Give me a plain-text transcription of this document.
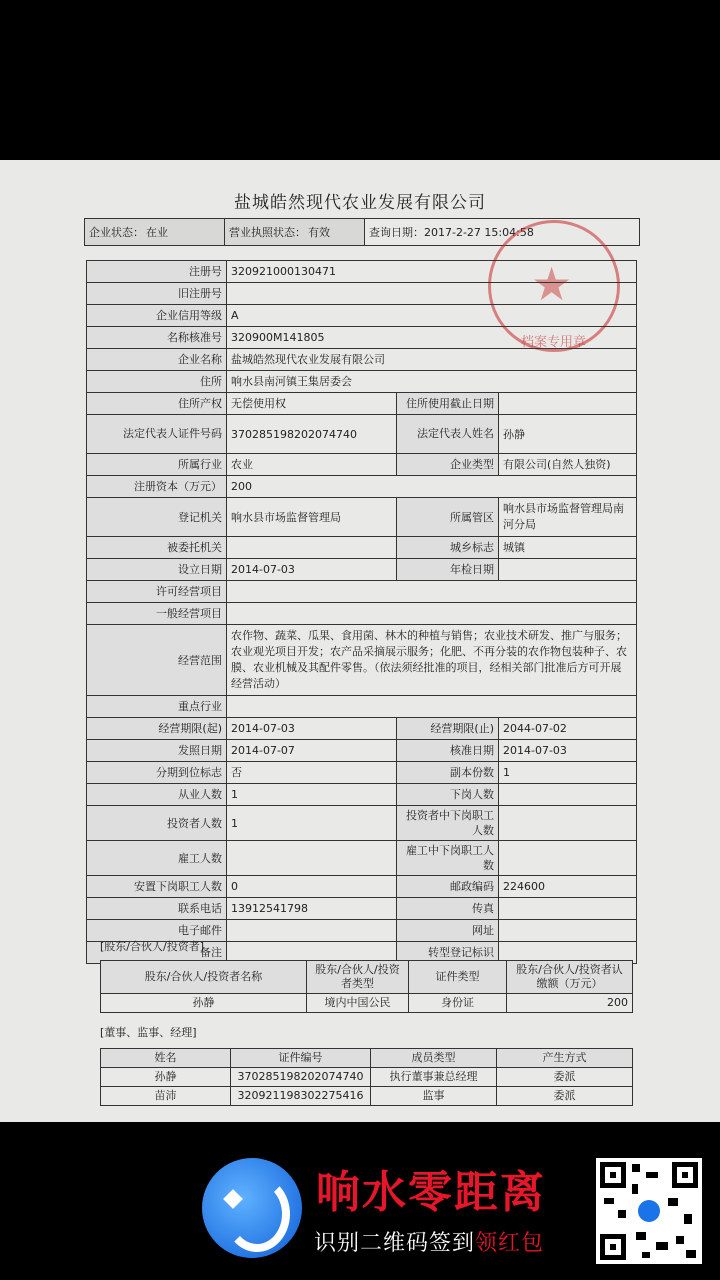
盐城皓然现代农业发展有限公司
企业状态： 在业	营业执照状态： 有效	查询日期： 2017-2-27 15:04:58
★
档案专用章
注册号	320921000130471		
旧注册号			
企业信用等级	A		
名称核准号	320900M141805		
企业名称	盐城皓然现代农业发展有限公司		
住所	响水县南河镇王集居委会		
住所产权	无偿使用权	住所使用截止日期	
法定代表人证件号码	370285198202074740	法定代表人姓名	孙静
所属行业	农业	企业类型	有限公司(自然人独资)
注册资本（万元）	200		
登记机关	响水县市场监督管理局	所属管区	响水县市场监督管理局南河分局
被委托机关		城乡标志	城镇
设立日期	2014-07-03	年检日期	
许可经营项目			
一般经营项目			
经营范围	农作物、蔬菜、瓜果、食用菌、林木的种植与销售；农业技术研发、推广与服务；农业观光项目开发；农产品采摘展示服务；化肥、不再分装的农作物包装种子、农膜、农业机械及其配件零售。（依法须经批准的项目，经相关部门批准后方可开展经营活动）		
重点行业			
经营期限(起)	2014-07-03	经营期限(止)	2044-07-02
发照日期	2014-07-07	核准日期	2014-07-03
分期到位标志	否	副本份数	1
从业人数	1	下岗人数	
投资者人数	1	投资者中下岗职工人数	
雇工人数		雇工中下岗职工人数	
安置下岗职工人数	0	邮政编码	224600
联系电话	13912541798	传真	
电子邮件		网址	
备注		转型登记标识	
[股东/合伙人/投资者]
股东/合伙人/投资者名称	股东/合伙人/投资者类型	证件类型	股东/合伙人/投资者认缴额（万元）
孙静	境内中国公民	身份证	200
[董事、监事、经理]
姓名	证件编号	成员类型	产生方式
孙静	370285198202074740	执行董事兼总经理	委派
苗沛	320921198302275416	监事	委派
响水零距离
识别二维码签到领红包
